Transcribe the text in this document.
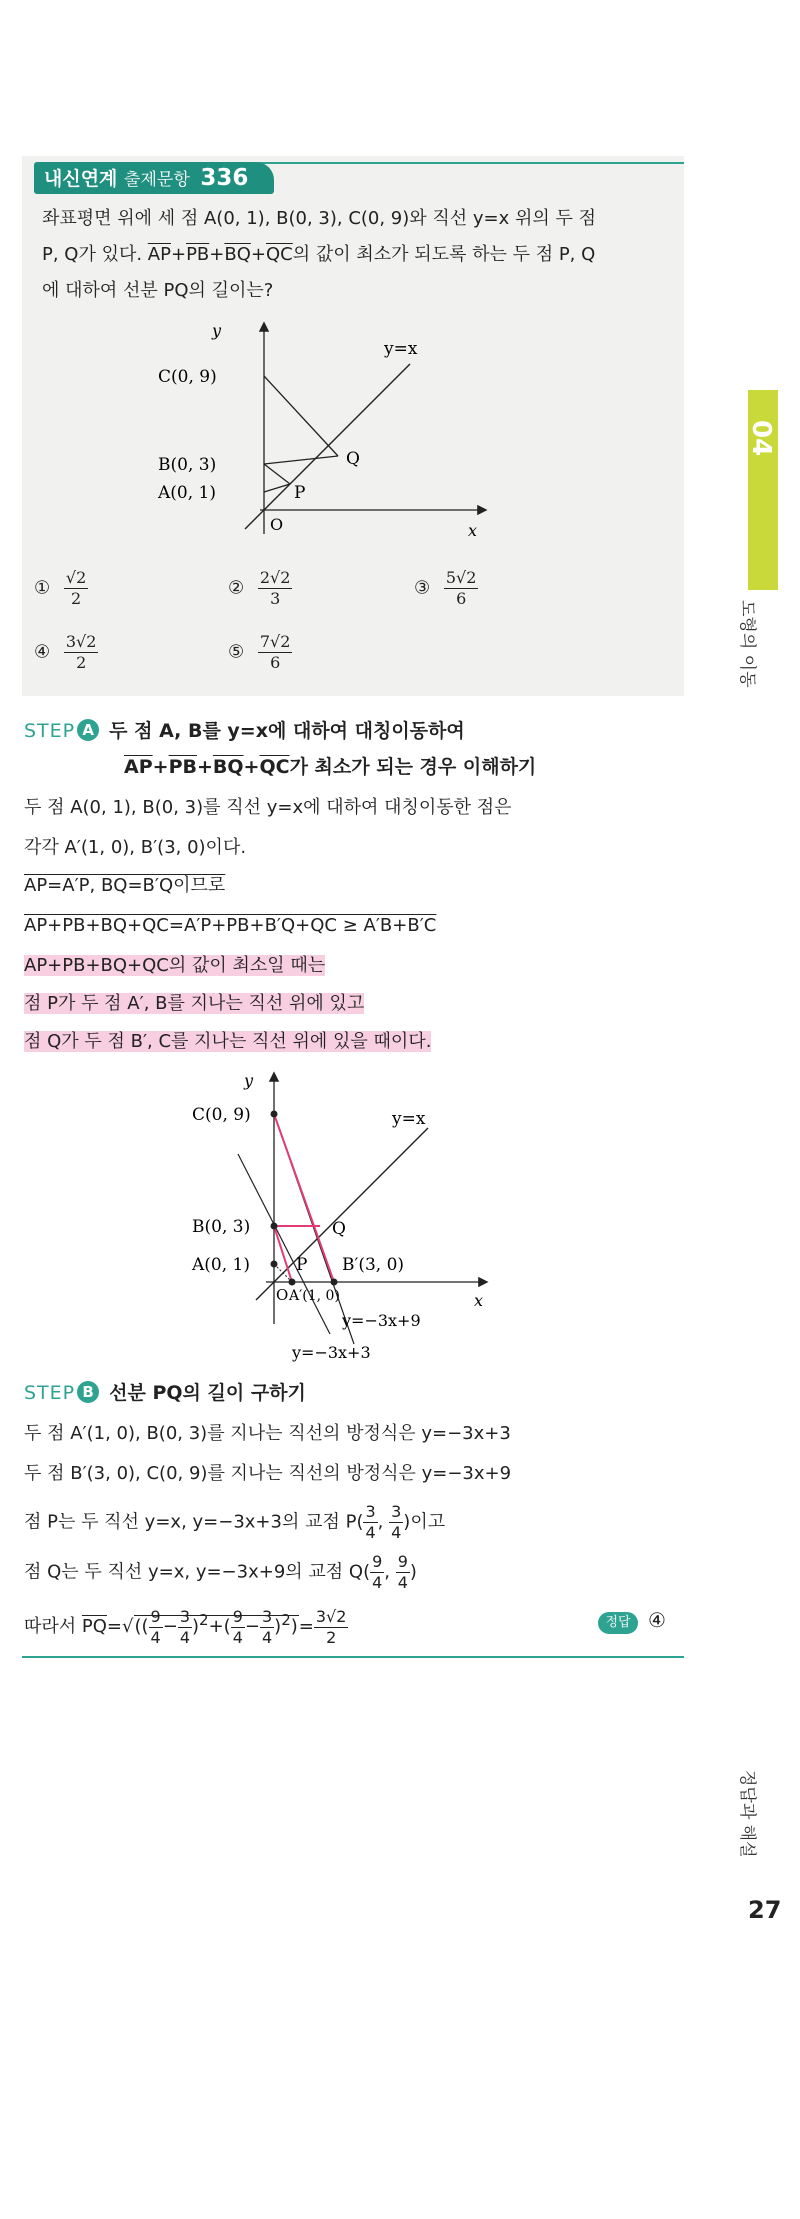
내신연계 출제문항 336
좌표평면 위에 세 점 A(0, 1), B(0, 3), C(0, 9)와 직선 y=x 위의 두 점
P, Q가 있다. $\overline{AP}+\overline{PB}+\overline{BQ}+\overline{QC}$의 값이 최소가 되도록 하는 두 점 P, Q
에 대하여 선분 PQ의 길이는?
y
x
y=x
C(0, 9)
B(0, 3)
A(0, 1)
Q
P
O
① $\frac{√2}{2}$	② $\frac{2√2}{3}$	③ $\frac{5√2}{6}$
④ $\frac{3√2}{2}$	⑤ $\frac{7√2}{6}$
STEP A 두 점 A, B를 y=x에 대하여 대칭이동하여
$\overline{AP}+\overline{PB}+\overline{BQ}+\overline{QC}$가 최소가 되는 경우 이해하기
두 점 A(0, 1), B(0, 3)를 직선 y=x에 대하여 대칭이동한 점은
각각 A′(1, 0), B′(3, 0)이다.
AP=A′P, BQ=B′Q이므로
AP+PB+BQ+QC=A′P+PB+B′Q+QC ≥ A′B+B′C
AP+PB+BQ+QC의 값이 최소일 때는
점 P가 두 점 A′, B를 지나는 직선 위에 있고
점 Q가 두 점 B′, C를 지나는 직선 위에 있을 때이다.
y
x
y=x
C(0, 9)
B(0, 3)
A(0, 1)
Q
P B′(3, 0)
O A′(1, 0)
y=−3x+9
y=−3x+3
STEP B 선분 PQ의 길이 구하기
두 점 A′(1, 0), B(0, 3)를 지나는 직선의 방정식은 y=−3x+3
두 점 B′(3, 0), C(0, 9)를 지나는 직선의 방정식은 y=−3x+9
점 P는 두 직선 y=x, y=−3x+3의 교점 $P( \frac{3}{4}$ , $\frac{3}{4}$ )이고
점 Q는 두 직선 y=x, y=−3x+9의 교점 $Q( \frac{9}{4}$ , $\frac{9}{4}$ )
따라서 $\overline{PQ}=√(( \frac{9}{4} - \frac{3}{4} )^2+( \frac{9}{4} - \frac{3}{4} )^2)= \frac{3√2}{2}$	정답 ④
04
도형의 이동
정답과 해설
27
